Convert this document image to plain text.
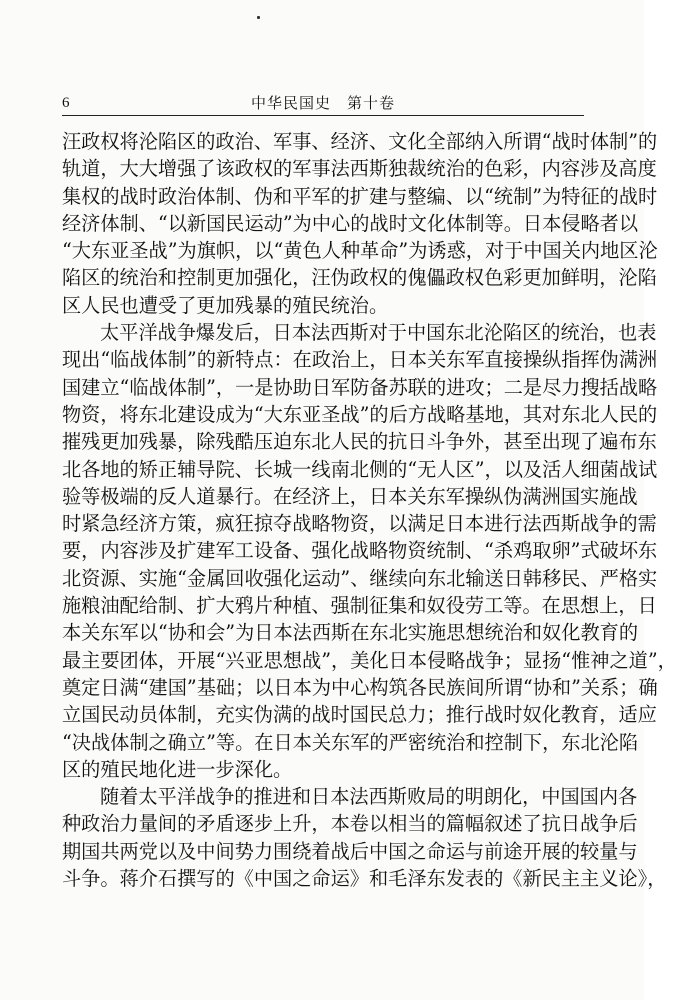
6	中华民国史　第十卷
汪政权将沦陷区的政治、军事、经济、文化全部纳入所谓“战时体制”的
轨道，大大增强了该政权的军事法西斯独裁统治的色彩，内容涉及高度
集权的战时政治体制、伪和平军的扩建与整编、以“统制”为特征的战时
经济体制、“以新国民运动”为中心的战时文化体制等。日本侵略者以
“大东亚圣战”为旗帜，以“黄色人种革命”为诱惑，对于中国关内地区沦
陷区的统治和控制更加强化，汪伪政权的傀儡政权色彩更加鲜明，沦陷
区人民也遭受了更加残暴的殖民统治。
太平洋战争爆发后，日本法西斯对于中国东北沦陷区的统治，也表
现出“临战体制”的新特点：在政治上，日本关东军直接操纵指挥伪满洲
国建立“临战体制”，一是协助日军防备苏联的进攻；二是尽力搜括战略
物资，将东北建设成为“大东亚圣战”的后方战略基地，其对东北人民的
摧残更加残暴，除残酷压迫东北人民的抗日斗争外，甚至出现了遍布东
北各地的矫正辅导院、长城一线南北侧的“无人区”，以及活人细菌战试
验等极端的反人道暴行。在经济上，日本关东军操纵伪满洲国实施战
时紧急经济方策，疯狂掠夺战略物资，以满足日本进行法西斯战争的需
要，内容涉及扩建军工设备、强化战略物资统制、“杀鸡取卵”式破坏东
北资源、实施“金属回收强化运动”、继续向东北输送日韩移民、严格实
施粮油配给制、扩大鸦片种植、强制征集和奴役劳工等。在思想上，日
本关东军以“协和会”为日本法西斯在东北实施思想统治和奴化教育的
最主要团体，开展“兴亚思想战”，美化日本侵略战争；显扬“惟神之道”，
奠定日满“建国”基础；以日本为中心构筑各民族间所谓“协和”关系；确
立国民动员体制，充实伪满的战时国民总力；推行战时奴化教育，适应
“决战体制之确立”等。在日本关东军的严密统治和控制下，东北沦陷
区的殖民地化进一步深化。
随着太平洋战争的推进和日本法西斯败局的明朗化，中国国内各
种政治力量间的矛盾逐步上升，本卷以相当的篇幅叙述了抗日战争后
期国共两党以及中间势力围绕着战后中国之命运与前途开展的较量与
斗争。蒋介石撰写的《中国之命运》和毛泽东发表的《新民主主义论》，
